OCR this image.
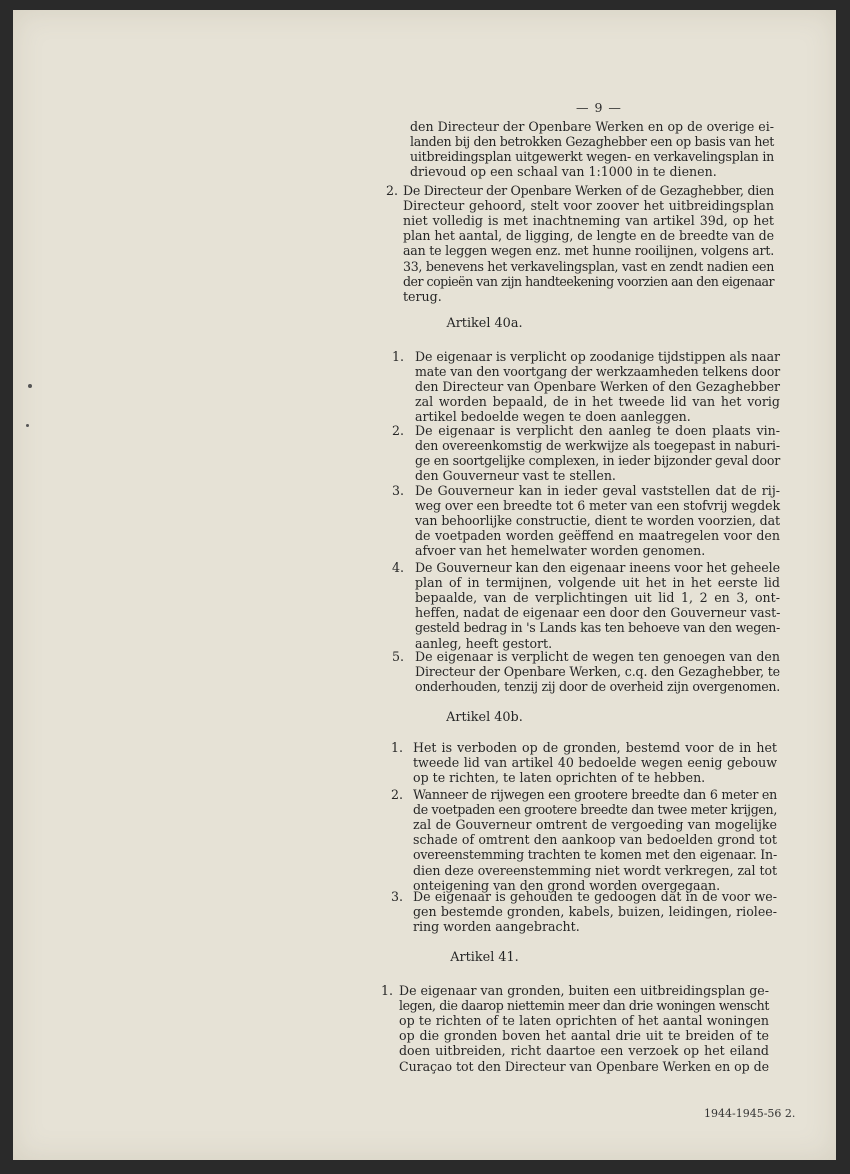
— 9 —
den Directeur der Openbare Werken en op de overige ei-
landen bij den betrokken Gezaghebber een op basis van het
uitbreidingsplan uitgewerkt wegen- en verkavelingsplan in
drievoud op een schaal van 1:1000 in te dienen.
2. De Directeur der Openbare Werken of de Gezaghebber, dien
Directeur gehoord, stelt voor zoover het uitbreidingsplan
niet volledig is met inachtneming van artikel 39d, op het
plan het aantal, de ligging, de lengte en de breedte van de
aan te leggen wegen enz. met hunne rooilijnen, volgens art.
33, benevens het verkavelingsplan, vast en zendt nadien een
der copieën van zijn handteekening voorzien aan den eigenaar
terug.
Artikel 40a.
1. De eigenaar is verplicht op zoodanige tijdstippen als naar
mate van den voortgang der werkzaamheden telkens door
den Directeur van Openbare Werken of den Gezaghebber
zal worden bepaald, de in het tweede lid van het vorig
artikel bedoelde wegen te doen aanleggen.
2. De eigenaar is verplicht den aanleg te doen plaats vin-
den overeenkomstig de werkwijze als toegepast in naburi-
ge en soortgelijke complexen, in ieder bijzonder geval door
den Gouverneur vast te stellen.
3. De Gouverneur kan in ieder geval vaststellen dat de rij-
weg over een breedte tot 6 meter van een stofvrij wegdek
van behoorlijke constructie, dient te worden voorzien, dat
de voetpaden worden geëffend en maatregelen voor den
afvoer van het hemelwater worden genomen.
4. De Gouverneur kan den eigenaar ineens voor het geheele
plan of in termijnen, volgende uit het in het eerste lid
bepaalde, van de verplichtingen uit lid 1, 2 en 3, ont-
heffen, nadat de eigenaar een door den Gouverneur vast-
gesteld bedrag in 's Lands kas ten behoeve van den wegen-
aanleg, heeft gestort.
5. De eigenaar is verplicht de wegen ten genoegen van den
Directeur der Openbare Werken, c.q. den Gezaghebber, te
onderhouden, tenzij zij door de overheid zijn overgenomen.
Artikel 40b.
1. Het is verboden op de gronden, bestemd voor de in het
tweede lid van artikel 40 bedoelde wegen eenig gebouw
op te richten, te laten oprichten of te hebben.
2. Wanneer de rijwegen een grootere breedte dan 6 meter en
de voetpaden een grootere breedte dan twee meter krijgen,
zal de Gouverneur omtrent de vergoeding van mogelijke
schade of omtrent den aankoop van bedoelden grond tot
overeenstemming trachten te komen met den eigenaar. In-
dien deze overeenstemming niet wordt verkregen, zal tot
onteigening van den grond worden overgegaan.
3. De eigenaar is gehouden te gedoogen dat in de voor we-
gen bestemde gronden, kabels, buizen, leidingen, rioleе-
ring worden aangebracht.
Artikel 41.
1. De eigenaar van gronden, buiten een uitbreidingsplan ge-
legen, die daarop niettemin meer dan drie woningen wenscht
op te richten of te laten oprichten of het aantal woningen
op die gronden boven het aantal drie uit te breiden of te
doen uitbreiden, richt daartoe een verzoek op het eiland
Curaçao tot den Directeur van Openbare Werken en op de
1944-1945-56 2.
